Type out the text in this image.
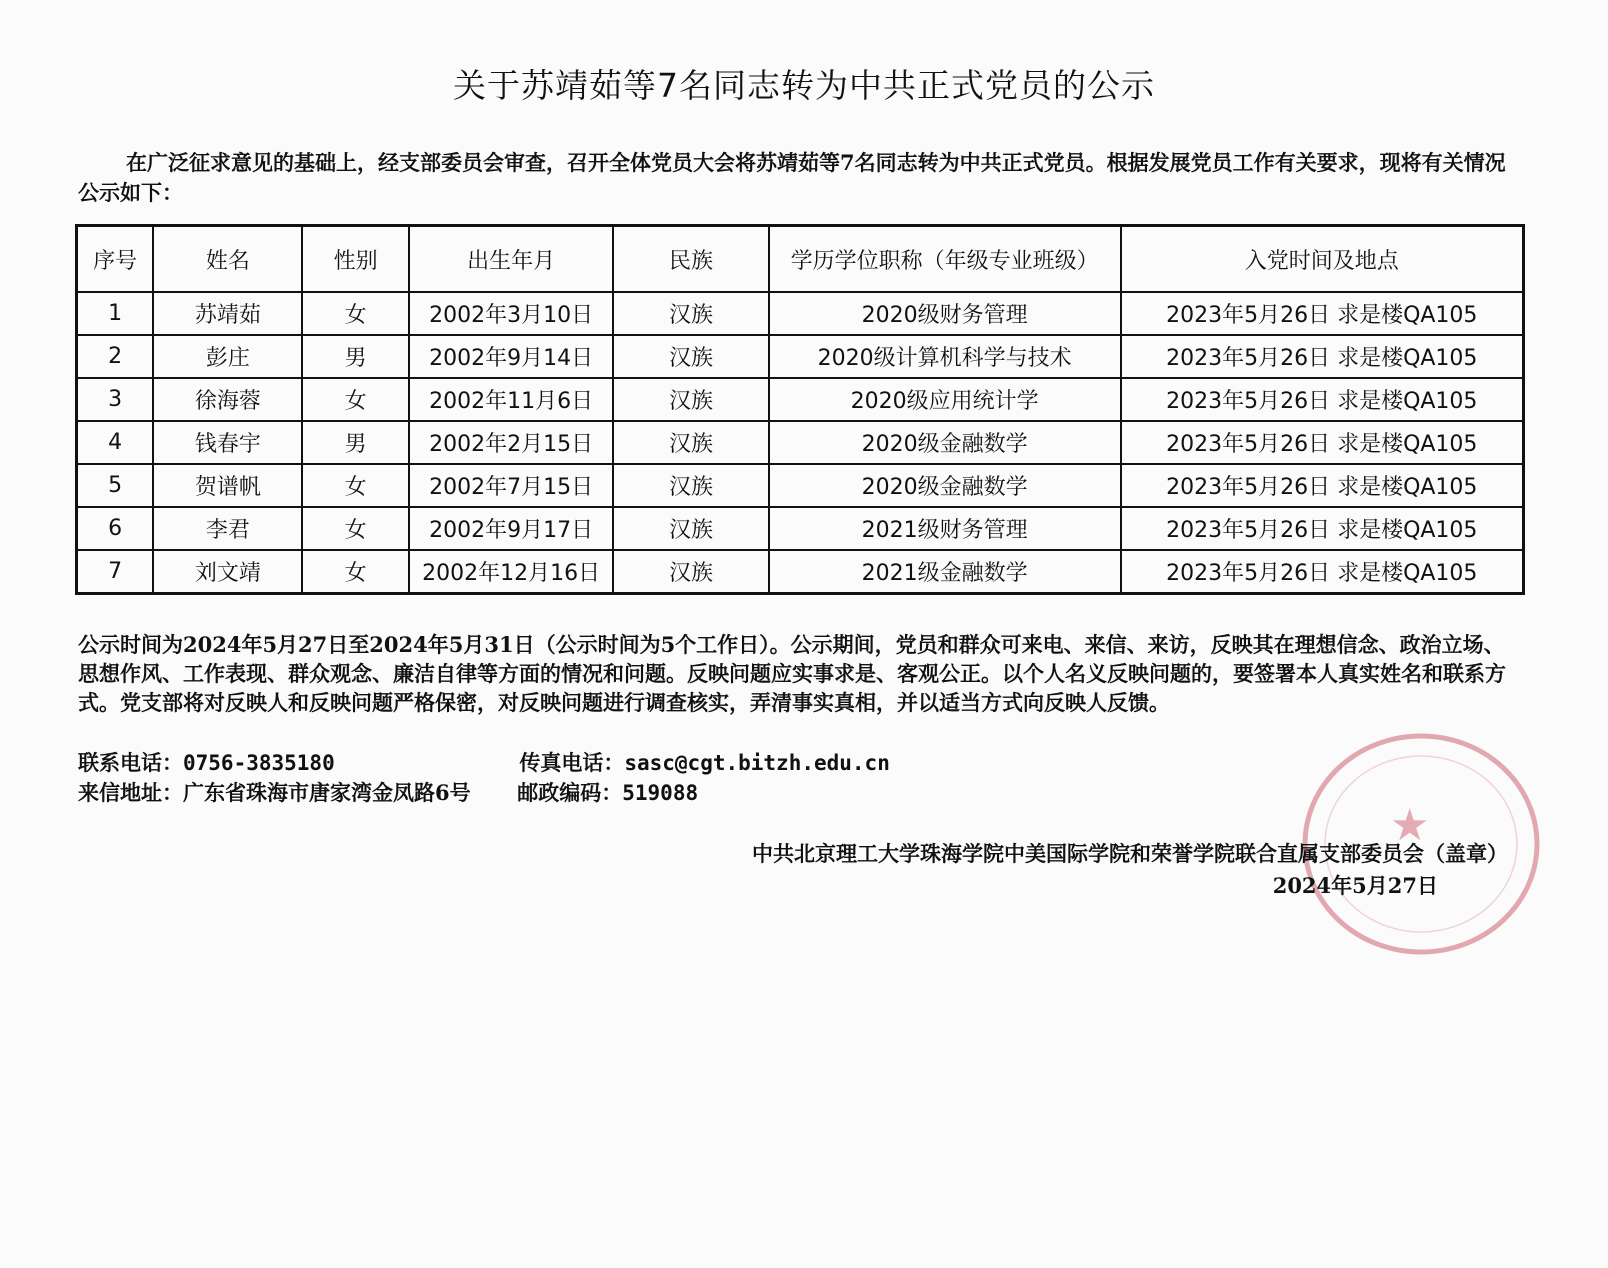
关于苏靖茹等7名同志转为中共正式党员的公示
在广泛征求意见的基础上，经支部委员会审查，召开全体党员大会将苏靖茹等7名同志转为中共正式党员。根据发展党员工作有关要求，现将有关情况公示如下：
序号	姓名	性别	出生年月	民族	学历学位职称（年级专业班级）	入党时间及地点
1	苏靖茹	女	2002年3月10日	汉族	2020级财务管理	2023年5月26日 求是楼QA105
2	彭庄	男	2002年9月14日	汉族	2020级计算机科学与技术	2023年5月26日 求是楼QA105
3	徐海蓉	女	2002年11月6日	汉族	2020级应用统计学	2023年5月26日 求是楼QA105
4	钱春宇	男	2002年2月15日	汉族	2020级金融数学	2023年5月26日 求是楼QA105
5	贺谱帆	女	2002年7月15日	汉族	2020级金融数学	2023年5月26日 求是楼QA105
6	李君	女	2002年9月17日	汉族	2021级财务管理	2023年5月26日 求是楼QA105
7	刘文靖	女	2002年12月16日	汉族	2021级金融数学	2023年5月26日 求是楼QA105
公示时间为2024年5月27日至2024年5月31日（公示时间为5个工作日）。公示期间，党员和群众可来电、来信、来访，反映其在理想信念、政治立场、思想作风、工作表现、群众观念、廉洁自律等方面的情况和问题。反映问题应实事求是、客观公正。以个人名义反映问题的，要签署本人真实姓名和联系方式。党支部将对反映人和反映问题严格保密，对反映问题进行调查核实，弄清事实真相，并以适当方式向反映人反馈。
联系电话：0756-3835180	传真电话：sasc@cgt.bitzh.edu.cn
来信地址：广东省珠海市唐家湾金凤路6号 邮政编码：519088
★
中共北京理工大学珠海学院中美国际学院和荣誉学院联合直属支部委员会（盖章）
2024年5月27日
